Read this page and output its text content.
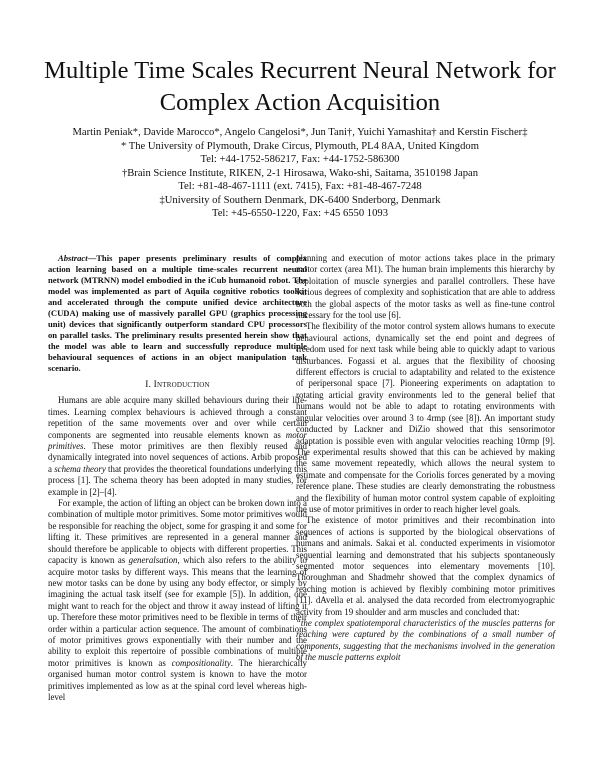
Multiple Time Scales Recurrent Neural Network for
Complex Action Acquisition
Martin Peniak*, Davide Marocco*, Angelo Cangelosi*, Jun Tani†, Yuichi Yamashita† and Kerstin Fischer‡
* The University of Plymouth, Drake Circus, Plymouth, PL4 8AA, United Kingdom
Tel: +44-1752-586217, Fax: +44-1752-586300
†Brain Science Institute, RIKEN, 2-1 Hirosawa, Wako-shi, Saitama, 3510198 Japan
Tel: +81-48-467-1111 (ext. 7415), Fax: +81-48-467-7248
‡University of Southern Denmark, DK-6400 Snderborg, Denmark
Tel: +45-6550-1220, Fax: +45 6550 1093

Abstract—This paper presents preliminary results of complex action learning based on a multiple time-scales recurrent neural network (MTRNN) model embodied in the iCub humanoid robot. The model was implemented as part of Aquila cognitive robotics toolkit and accelerated through the compute unified device architecture (CUDA) making use of massively parallel GPU (graphics processing unit) devices that significantly outperform standard CPU processors on parallel tasks. The preliminary results presented herein show that the model was able to learn and successfully reproduce multiple behavioural sequences of actions in an object manipulation task scenario.

I. Introduction

Humans are able acquire many skilled behaviours during their life-times. Learning complex behaviours is achieved through a constant repetition of the same movements over and over while certain components are segmented into reusable elements known as motor primitives. These motor primitives are then flexibly reused and dynamically integrated into novel sequences of actions. Arbib proposed a schema theory that provides the theoretical foundations underlying this process [1]. The schema theory has been adopted in many studies, for example in [2]–[4].

For example, the action of lifting an object can be broken down into a combination of multiple motor primitives. Some motor primitives would be responsible for reaching the object, some for grasping it and some for lifting it. These primitives are represented in a general manner and should therefore be applicable to objects with different properties. This capacity is known as generalsation, which also refers to the ability to acquire motor tasks by different ways. This means that the learning of new motor tasks can be done by using any body effector, or simply by imagining the actual task itself (see for example [5]). In addition, one might want to reach for the object and throw it away instead of lifting it up. Therefore these motor primitives need to be flexible in terms of their order within a particular action sequence. The amount of combinations of motor primitives grows exponentially with their number and the ability to exploit this repertoire of possible combinations of multiple motor primitives is known as compositionality. The hierarchically organised human motor control system is known to have the motor primitives implemented as low as at the spinal cord level whereas high-level

planning and execution of motor actions takes place in the primary motor cortex (area M1). The human brain implements this hierarchy by exploitation of muscle synergies and parallel controllers. These have various degrees of complexity and sophistication that are able to address both the global aspects of the motor tasks as well as fine-tune control necessary for the tool use [6].

The flexibility of the motor control system allows humans to execute behavioural actions, dynamically set the end point and degrees of freedom used for next task while being able to quickly adapt to various disturbances. Fogassi et al. argues that the flexibility of choosing different effectors is crucial to adaptability and related to the existence of peripersonal space [7]. Pioneering experiments on adaptation to rotating articial gravity environments led to the general belief that humans would not be able to adapt to rotating environments with angular velocities over around 3 to 4rmp (see [8]). An important study conducted by Lackner and DiZio showed that this sensorimotor adaptation is possible even with angular velocities reaching 10rmp [9]. The experimental results showed that this can be achieved by making the same movement repeatedly, which allows the neural system to estimate and compensate for the Coriolis forces generated by a moving reference plane. These studies are clearly demonstrating the robustness and the flexibility of human motor control system capable of exploiting the use of motor primitives in order to reach higher level goals.

The existence of motor primitives and their recombination into sequences of actions is supported by the biological observations of humans and animals. Sakai et al. conducted experiments in visiomotor sequential learning and demonstrated that his subjects spontaneously segmented motor sequences into elementary movements [10]. Thoroughman and Shadmehr showed that the complex dynamics of reaching motion is achieved by flexibly combining motor primitives [11]. dAvella et al. analysed the data recorded from electromyographic activity from 19 shoulder and arm muscles and concluded that:

“the complex spatiotemporal characteristics of the muscles patterns for reaching were captured by the combinations of a small number of components, suggesting that the mechanisms involved in the generation of the muscle patterns exploit
